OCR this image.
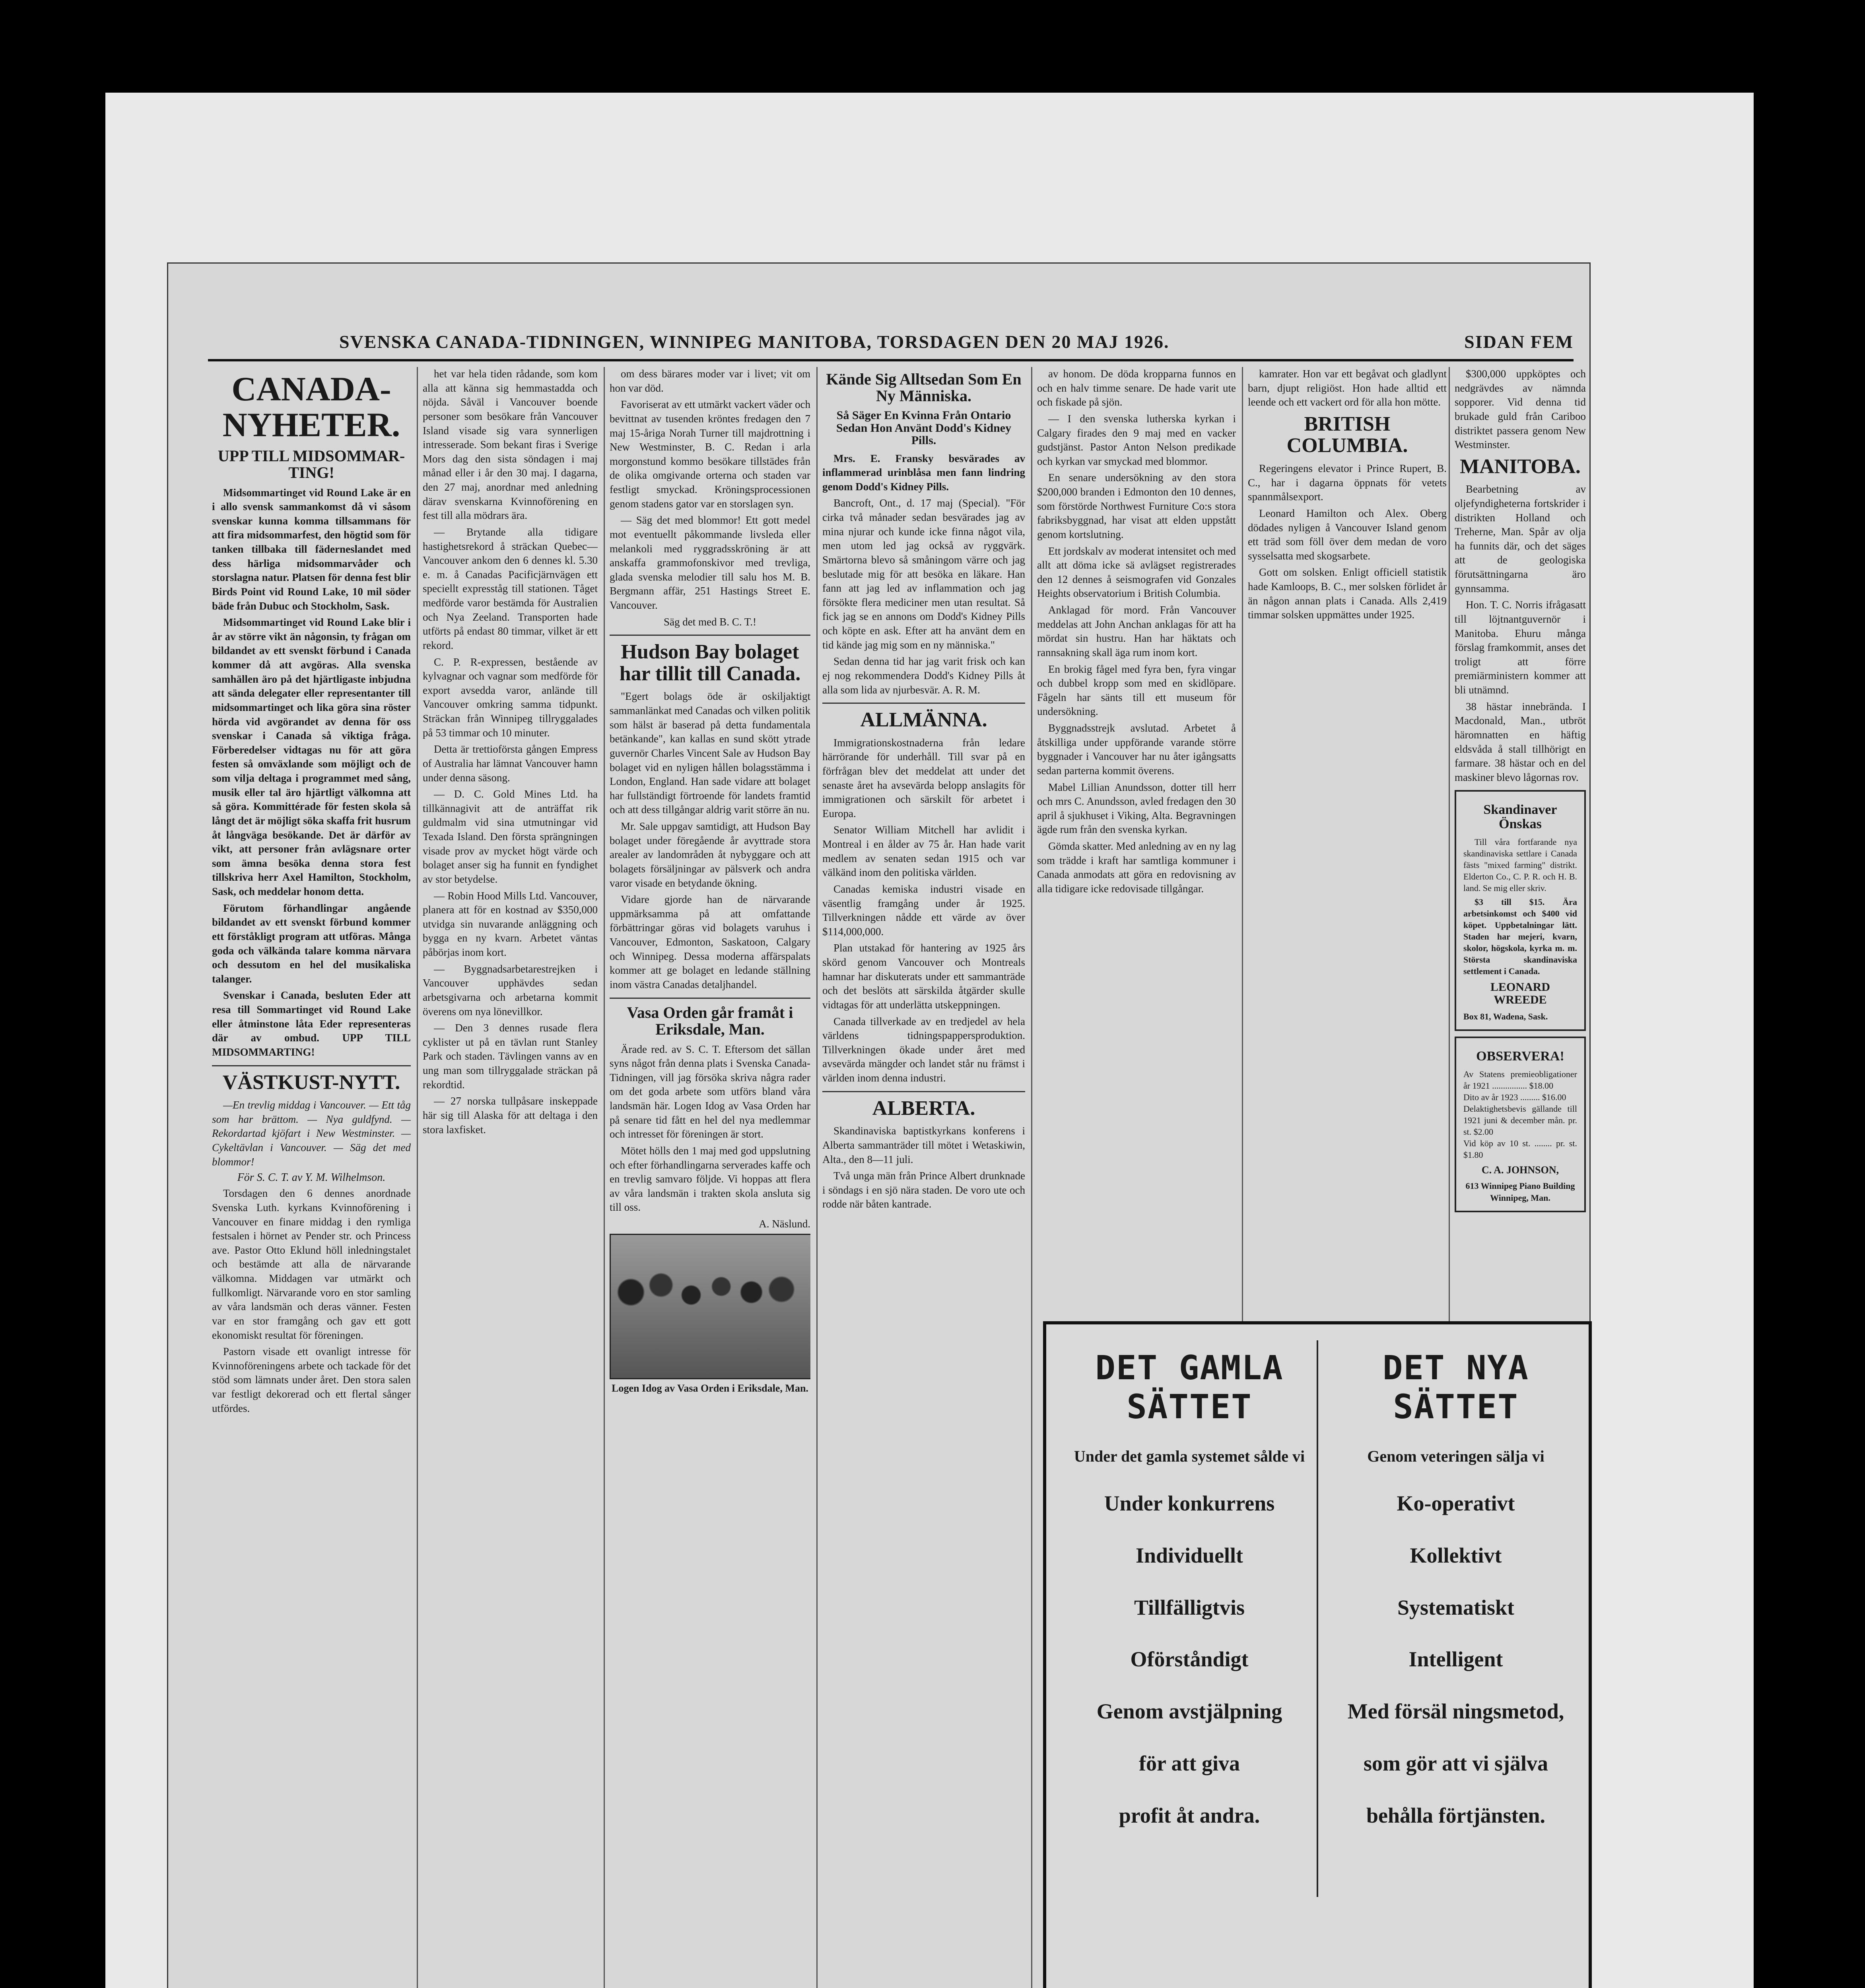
SVENSKA CANADA-TIDNINGEN, WINNIPEG MANITOBA, TORSDAGEN DEN 20 MAJ 1926.	SIDAN FEM
CANADA-NYHETER.
UPP TILL MIDSOMMAR-TING!

Midsommartinget vid Round Lake är en i allo svensk sammankomst då vi såsom svenskar kunna komma tillsammans för att fira midsommarfest, den högtid som för tanken tillbaka till fäderneslandet med dess härliga midsommarvåder och storslagna natur. Platsen för denna fest blir Birds Point vid Round Lake, 10 mil söder bäde från Dubuc och Stockholm, Sask.

Midsommartinget vid Round Lake blir i år av större vikt än någonsin, ty frågan om bildandet av ett svenskt förbund i Canada kommer då att avgöras. Alla svenska samhällen äro på det hjärtligaste inbjudna att sända delegater eller representanter till midsommartinget och lika göra sina röster hörda vid avgörandet av denna för oss svenskar i Canada så viktiga fråga. Förberedelser vidtagas nu för att göra festen så omväxlande som möjligt och de som vilja deltaga i programmet med sång, musik eller tal äro hjärtligt välkomna att så göra. Kommittérade för festen skola så långt det är möjligt söka skaffa frit husrum åt långväga besökande. Det är därför av vikt, att personer från avlägsnare orter som ämna besöka denna stora fest tillskriva herr Axel Hamilton, Stockholm, Sask, och meddelar honom detta.

Förutom förhandlingar angående bildandet av ett svenskt förbund kommer ett förståkligt program att utföras. Många goda och välkända talare komma närvara och dessutom en hel del musikaliska talanger.

Svenskar i Canada, besluten Eder att resa till Sommartinget vid Round Lake eller åtminstone låta Eder representeras där av ombud. UPP TILL MIDSOMMARTING!

VÄSTKUST-NYTT.

—En trevlig middag i Vancouver. — Ett tåg som har brättom. — Nya guldfynd. — Rekordartad kjöfart i New Westminster. — Cykeltävlan i Vancouver. — Säg det med blommor!

För S. C. T. av Y. M. Wilhelmson.

Torsdagen den 6 dennes anordnade Svenska Luth. kyrkans Kvinnoförening i Vancouver en finare middag i den rymliga festsalen i hörnet av Pender str. och Princess ave. Pastor Otto Eklund höll inledningstalet och bestämde att alla de närvarande välkomna. Middagen var utmärkt och fullkomligt. Närvarande voro en stor samling av våra landsmän och deras vänner. Festen var en stor framgång och gav ett gott ekonomiskt resultat för föreningen.

Pastorn visade ett ovanligt intresse för Kvinnoföreningens arbete och tackade för det stöd som lämnats under året. Den stora salen var festligt dekorerad och ett flertal sånger utfördes.

het var hela tiden rådande, som kom alla att känna sig hemmastadda och nöjda. Såväl i Vancouver boende personer som besökare från Vancouver Island visade sig vara synnerligen intresserade. Som bekant firas i Sverige Mors dag den sista söndagen i maj månad eller i år den 30 maj. I dagarna, den 27 maj, anordnar med anledning därav svenskarna Kvinnoförening en fest till alla mödrars ära.

— Brytande alla tidigare hastighetsrekord å sträckan Quebec—Vancouver ankom den 6 dennes kl. 5.30 e. m. å Canadas Pacificjärnvägen ett speciellt expresståg till stationen. Tåget medförde varor bestämda för Australien och Nya Zeeland. Transporten hade utförts på endast 80 timmar, vilket är ett rekord.

C. P. R-expressen, bestående av kylvagnar och vagnar som medförde för export avsedda varor, anlände till Vancouver omkring samma tidpunkt. Sträckan från Winnipeg tillryggalades på 53 timmar och 10 minuter.

Detta är trettioförsta gången Empress of Australia har lämnat Vancouver hamn under denna säsong.

— D. C. Gold Mines Ltd. ha tillkännagivit att de anträffat rik guldmalm vid sina utmutningar vid Texada Island. Den första sprängningen visade prov av mycket högt värde och bolaget anser sig ha funnit en fyndighet av stor betydelse.

— Robin Hood Mills Ltd. Vancouver, planera att för en kostnad av $350,000 utvidga sin nuvarande anläggning och bygga en ny kvarn. Arbetet väntas påbörjas inom kort.

— Byggnadsarbetarestrejken i Vancouver upphävdes sedan arbetsgivarna och arbetarna kommit överens om nya lönevillkor.

— Den 3 dennes rusade flera cyklister ut på en tävlan runt Stanley Park och staden. Tävlingen vanns av en ung man som tillryggalade sträckan på rekordtid.

— 27 norska tullpåsare inskeppade här sig till Alaska för att deltaga i den stora laxfisket.

om dess bärares moder var i livet; vit om hon var död.

Favoriserat av ett utmärkt vackert väder och bevittnat av tusenden kröntes fredagen den 7 maj 15-åriga Norah Turner till majdrottning i New Westminster, B. C. Redan i arla morgonstund kommo besökare tillstädes från de olika omgivande orterna och staden var festligt smyckad. Kröningsprocessionen genom stadens gator var en storslagen syn.

— Säg det med blommor! Ett gott medel mot eventuellt påkommande livsleda eller melankoli med ryggradsskröning är att anskaffa grammofonskivor med trevliga, glada svenska melodier till salu hos M. B. Bergmann affär, 251 Hastings Street E. Vancouver.

Säg det med B. C. T.!

Hudson Bay bolaget har tillit till Canada.

"Egert bolags öde är oskiljaktigt sammanlänkat med Canadas och vilken politik som hälst är baserad på detta fundamentala betänkande", kan kallas en sund skött ytrade guvernör Charles Vincent Sale av Hudson Bay bolaget vid en nyligen hållen bolagsstämma i London, England. Han sade vidare att bolaget har fullständigt förtroende för landets framtid och att dess tillgångar aldrig varit större än nu.

Mr. Sale uppgav samtidigt, att Hudson Bay bolaget under föregående år avyttrade stora arealer av landområden åt nybyggare och att bolagets försäljningar av pälsverk och andra varor visade en betydande ökning.

Vidare gjorde han de närvarande uppmärksamma på att omfattande förbättringar göras vid bolagets varuhus i Vancouver, Edmonton, Saskatoon, Calgary och Winnipeg. Dessa moderna affärspalats kommer att ge bolaget en ledande ställning inom västra Canadas detaljhandel.

Vasa Orden går framåt i Eriksdale, Man.

Ärade red. av S. C. T. Eftersom det sällan syns något från denna plats i Svenska Canada-Tidningen, vill jag försöka skriva några rader om det goda arbete som utförs bland våra landsmän här. Logen Idog av Vasa Orden har på senare tid fått en hel del nya medlemmar och intresset för föreningen är stort.

Mötet hölls den 1 maj med god uppslutning och efter förhandlingarna serverades kaffe och en trevlig samvaro följde. Vi hoppas att flera av våra landsmän i trakten skola ansluta sig till oss.

A. Näslund.

Logen Idog av Vasa Orden i Eriksdale, Man.
Kände Sig Alltsedan Som En Ny Människa.
Så Säger En Kvinna Från Ontario Sedan Hon Använt Dodd's Kidney Pills.

Mrs. E. Fransky besvärades av inflammerad urinblåsa men fann lindring genom Dodd's Kidney Pills.

Bancroft, Ont., d. 17 maj (Special). "För cirka två månader sedan besvärades jag av mina njurar och kunde icke finna något vila, men utom led jag också av ryggvärk. Smärtorna blevo så småningom värre och jag beslutade mig för att besöka en läkare. Han fann att jag led av inflammation och jag försökte flera mediciner men utan resultat. Så fick jag se en annons om Dodd's Kidney Pills och köpte en ask. Efter att ha använt dem en tid kände jag mig som en ny människa."

Sedan denna tid har jag varit frisk och kan ej nog rekommendera Dodd's Kidney Pills åt alla som lida av njurbesvär. A. R. M.

ALLMÄNNA.

Immigrationskostnaderna från ledare härrörande för underhåll. Till svar på en förfrågan blev det meddelat att under det senaste året ha avsevärda belopp anslagits för immigrationen och särskilt för arbetet i Europa.

Senator William Mitchell har avlidit i Montreal i en ålder av 75 år. Han hade varit medlem av senaten sedan 1915 och var välkänd inom den politiska världen.

Canadas kemiska industri visade en väsentlig framgång under år 1925. Tillverkningen nådde ett värde av över $114,000,000.

Plan utstakad för hantering av 1925 års skörd genom Vancouver och Montreals hamnar har diskuterats under ett sammanträde och det beslöts att särskilda åtgärder skulle vidtagas för att underlätta utskeppningen.

Canada tillverkade av en tredjedel av hela världens tidningspappersproduktion. Tillverkningen ökade under året med avsevärda mängder och landet står nu främst i världen inom denna industri.

ALBERTA.

Skandinaviska baptistkyrkans konferens i Alberta sammanträder till mötet i Wetaskiwin, Alta., den 8—11 juli.

Två unga män från Prince Albert drunknade i söndags i en sjö nära staden. De voro ute och rodde när båten kantrade.

av honom. De döda kropparna funnos en och en halv timme senare. De hade varit ute och fiskade på sjön.

— I den svenska lutherska kyrkan i Calgary firades den 9 maj med en vacker gudstjänst. Pastor Anton Nelson predikade och kyrkan var smyckad med blommor.

En senare undersökning av den stora $200,000 branden i Edmonton den 10 dennes, som förstörde Northwest Furniture Co:s stora fabriksbyggnad, har visat att elden uppstått genom kortslutning.

Ett jordskalv av moderat intensitet och med allt att döma icke sä avlägset registrerades den 12 dennes å seismografen vid Gonzales Heights observatorium i British Columbia.

Anklagad för mord. Från Vancouver meddelas att John Anchan anklagas för att ha mördat sin hustru. Han har häktats och rannsakning skall äga rum inom kort.

En brokig fågel med fyra ben, fyra vingar och dubbel kropp som med en skidlöpare. Fågeln har sänts till ett museum för undersökning.

Byggnadsstrejk avslutad. Arbetet å åtskilliga under uppförande varande större byggnader i Vancouver har nu åter igångsatts sedan parterna kommit överens.

Mabel Lillian Anundsson, dotter till herr och mrs C. Anundsson, avled fredagen den 30 april å sjukhuset i Viking, Alta. Begravningen ägde rum från den svenska kyrkan.

Gömda skatter. Med anledning av en ny lag som trädde i kraft har samtliga kommuner i Canada anmodats att göra en redovisning av alla tidigare icke redovisade tillgångar.

kamrater. Hon var ett begåvat och gladlynt barn, djupt religiöst. Hon hade alltid ett leende och ett vackert ord för alla hon mötte.

BRITISH COLUMBIA.

Regeringens elevator i Prince Rupert, B. C., har i dagarna öppnats för vetets spannmålsexport.

Leonard Hamilton och Alex. Oberg dödades nyligen å Vancouver Island genom ett träd som föll över dem medan de voro sysselsatta med skogsarbete.

Gott om solsken. Enligt officiell statistik hade Kamloops, B. C., mer solsken förlidet år än någon annan plats i Canada. Alls 2,419 timmar solsken uppmättes under 1925.

$300,000 uppköptes och nedgrävdes av nämnda sopporer. Vid denna tid brukade guld från Cariboo distriktet passera genom New Westminster.

MANITOBA.

Bearbetning av oljefyndigheterna fortskrider i distrikten Holland och Treherne, Man. Spår av olja ha funnits där, och det säges att de geologiska förutsättningarna äro gynnsamma.

Hon. T. C. Norris ifrågasatt till löjtnantguvernör i Manitoba. Ehuru många förslag framkommit, anses det troligt att förre premiärministern kommer att bli utnämnd.

38 hästar innebrända. I Macdonald, Man., utbröt häromnatten en häftig eldsvåda å stall tillhörigt en farmare. 38 hästar och en del maskiner blevo lågornas rov.

Skandinaver Önskas

Till våra fortfarande nya skandinaviska settlare i Canada fästs "mixed farming" distrikt. Elderton Co., C. P. R. och H. B. land. Se mig eller skriv.

$3 till $15. Ära arbetsinkomst och $400 vid köpet. Uppbetalningar lätt. Staden har mejeri, kvarn, skolor, högskola, kyrka m. m. Största skandinaviska settlement i Canada.

LEONARD WREEDE
Box 81, Wadena, Sask.
OBSERVERA!
Av Statens premieobligationer år 1921 ................ $18.00
Dito av år 1923 ......... $16.00
Delaktighetsbevis gällande till 1921 juni & december mån. pr. st. $2.00
Vid köp av 10 st. ........ pr. st. $1.80
C. A. JOHNSON,
613 Winnipeg Piano Building Winnipeg, Man.
DET GAMLA SÄTTET
Under det gamla systemet sålde vi
Under konkurrens
Individuellt
Tillfälligtvis
Oförståndigt
Genom avstjälpning
för att giva
profit åt andra.
DET NYA SÄTTET
Genom veteringen sälja vi
Ko-operativt
Kollektivt
Systematiskt
Intelligent
Med försäl ningsmetod,
som gör att vi själva
behålla förtjänsten.
